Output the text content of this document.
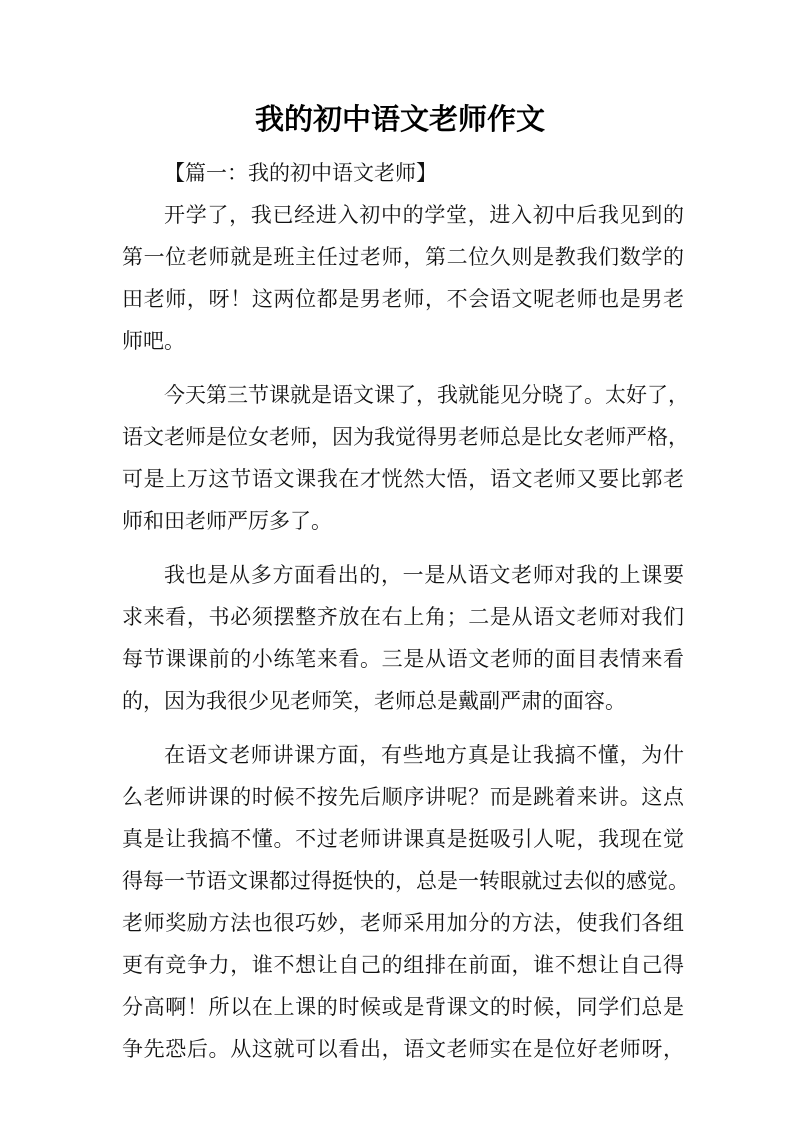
我的初中语文老师作文
【篇一：我的初中语文老师】
开学了，我已经进入初中的学堂，进入初中后我见到的
第一位老师就是班主任过老师，第二位久则是教我们数学的
田老师，呀！这两位都是男老师，不会语文呢老师也是男老
师吧。
今天第三节课就是语文课了，我就能见分晓了。太好了，
语文老师是位女老师，因为我觉得男老师总是比女老师严格，
可是上万这节语文课我在才恍然大悟，语文老师又要比郭老
师和田老师严厉多了。
我也是从多方面看出的，一是从语文老师对我的上课要
求来看，书必须摆整齐放在右上角；二是从语文老师对我们
每节课课前的小练笔来看。三是从语文老师的面目表情来看
的，因为我很少见老师笑，老师总是戴副严肃的面容。
在语文老师讲课方面，有些地方真是让我搞不懂，为什
么老师讲课的时候不按先后顺序讲呢？而是跳着来讲。这点
真是让我搞不懂。不过老师讲课真是挺吸引人呢，我现在觉
得每一节语文课都过得挺快的，总是一转眼就过去似的感觉。
老师奖励方法也很巧妙，老师采用加分的方法，使我们各组
更有竞争力，谁不想让自己的组排在前面，谁不想让自己得
分高啊！所以在上课的时候或是背课文的时候，同学们总是
争先恐后。从这就可以看出，语文老师实在是位好老师呀，
